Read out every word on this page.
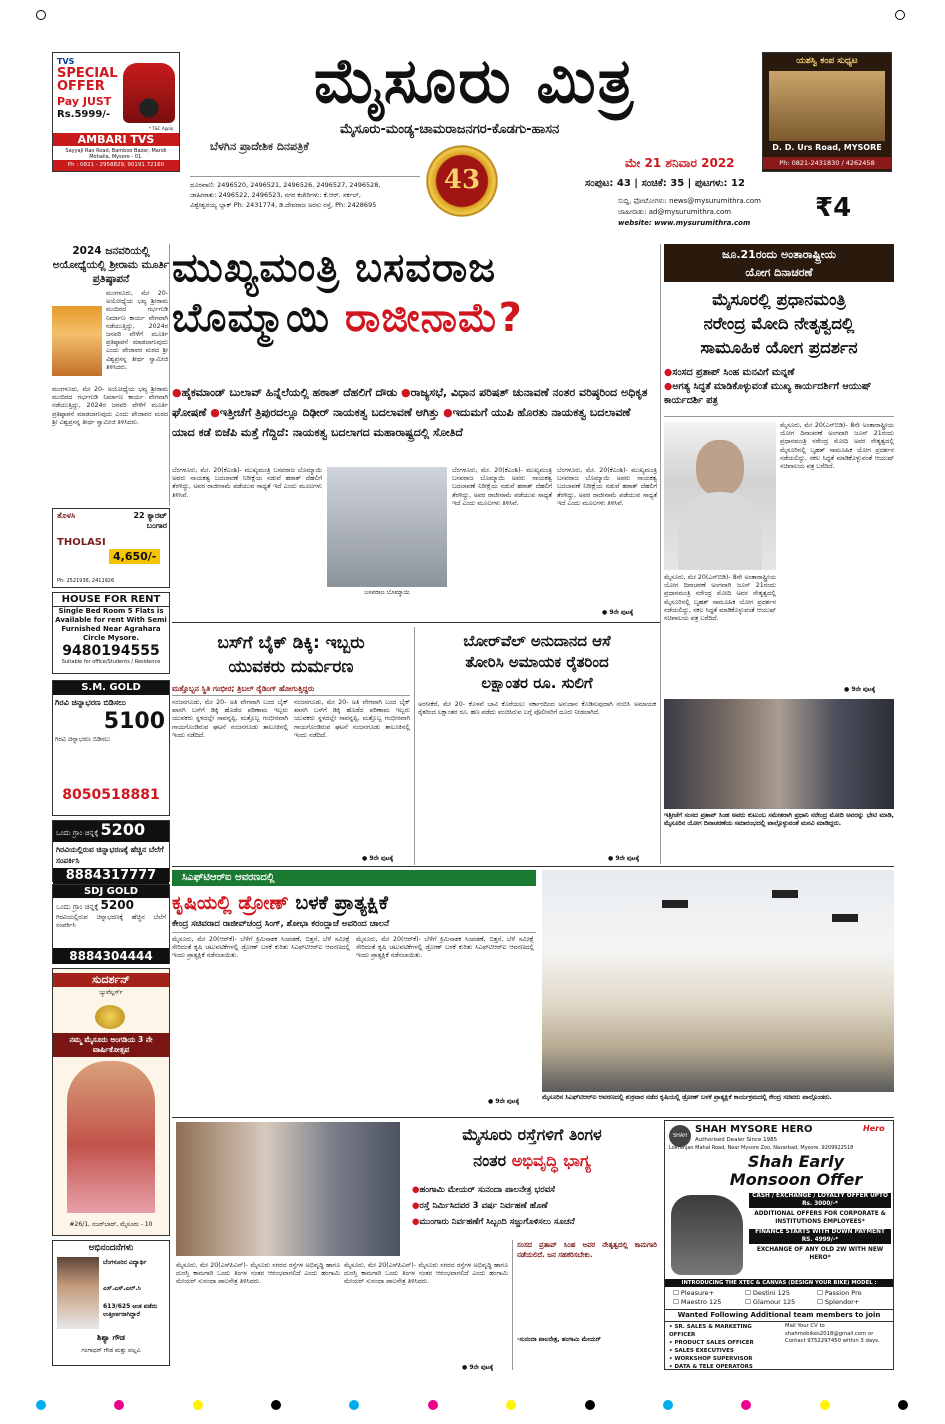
TVS
SPECIAL OFFER
Pay JUST
Rs.5999/-
* T&C Apply
AMBARI TVS
Sayyaji Rao Road, Bamboo Bazar, Mandi Mohalla, Mysore - 01.
Ph : 0821 - 2958829, 90191 72160
ಮೈಸೂರು ಮಿತ್ರ
ಮೈಸೂರು-ಮಂಡ್ಯ-ಚಾಮರಾಜನಗರ-ಕೊಡಗು-ಹಾಸನ
ಬೆಳಗಿನ ಪ್ರಾದೇಶಿಕ ದಿನಪತ್ರಿಕೆ
ಮೇ 21 ಶನಿವಾರ 2022
43	ಸಂಪುಟ: 43 | ಸಂಚಿಕೆ: 35 | ಪುಟಗಳು: 12
ದೂರವಾಣಿ: 2496520, 2496521, 2496526, 2496527, 2496528,
ಜಾಹೀರಾತು: 2496522, 2496523, ನಗರ ಕಚೇರಿಗಳು: ಕೆ.ಆರ್. ಸರ್ಕಲ್,
ವಿಶ್ವೇಶ್ವರಯ್ಯ ಬ್ಲಾಕ್ Ph: 2431774, ಡಿ.ದೇವರಾಜ ಅರಸು ರಸ್ತೆ, Ph: 2428695	ಸುದ್ದಿ, ಫೋಟೋಗಳು: news@mysurumithra.com
ಜಾಹೀರಾತು: ad@mysurumithra.com
website: www.mysurumithra.com	₹4
ಯಶಸ್ವಿ ಕಂಪ ಸುಧ್ಯಟ
D. D. Urs Road, MYSORE
Ph: 0821-2431830 / 4262458
2024 ಜನವರಿಯಲ್ಲಿ ಅಯೋಧ್ಯೆಯಲ್ಲಿ ಶ್ರೀರಾಮ ಮೂರ್ತಿ ಪ್ರತಿಷ್ಠಾಪನೆ
ಮಂಗಳೂರು, ಮೇ 20- ಅಯೋಧ್ಯೆಯ ಭವ್ಯ ಶ್ರೀರಾಮ ಮಂದಿರದ ಗರ್ಭಗುಡಿ ನಿರ್ಮಾಣ ಕಾರ್ಯ ವೇಗವಾಗಿ ನಡೆಯುತ್ತಿದ್ದು, 2024ರ ಜನವರಿ ವೇಳೆಗೆ ಮೂರ್ತಿ ಪ್ರತಿಷ್ಠಾಪನೆ ಮಾಡಲಾಗುವುದು ಎಂದು ಪೇಜಾವರ ಮಠದ ಶ್ರೀ ವಿಶ್ವಪ್ರಸನ್ನ ತೀರ್ಥ ಸ್ವಾಮೀಜಿ ತಿಳಿಸಿದರು.
ಮಂಗಳೂರು, ಮೇ 20- ಅಯೋಧ್ಯೆಯ ಭವ್ಯ ಶ್ರೀರಾಮ ಮಂದಿರದ ಗರ್ಭಗುಡಿ ನಿರ್ಮಾಣ ಕಾರ್ಯ ವೇಗವಾಗಿ ನಡೆಯುತ್ತಿದ್ದು, 2024ರ ಜನವರಿ ವೇಳೆಗೆ ಮೂರ್ತಿ ಪ್ರತಿಷ್ಠಾಪನೆ ಮಾಡಲಾಗುವುದು ಎಂದು ಪೇಜಾವರ ಮಠದ ಶ್ರೀ ವಿಶ್ವಪ್ರಸನ್ನ ತೀರ್ಥ ಸ್ವಾಮೀಜಿ ತಿಳಿಸಿದರು.
ಮುಖ್ಯಮಂತ್ರಿ ಬಸವರಾಜ
ಬೊಮ್ಮಾಯಿ ರಾಜೀನಾಮೆ?
● ಹೈಕಮಾಂಡ್ ಬುಲಾವ್ ಹಿನ್ನೆಲೆಯಲ್ಲಿ ಹಠಾತ್ ದೆಹಲಿಗೆ ದೌಡು ● ರಾಜ್ಯಸಭೆ, ವಿಧಾನ ಪರಿಷತ್ ಚುನಾವಣೆ ನಂತರ ವರಿಷ್ಠರಿಂದ ಅಧಿಕೃತ ಘೋಷಣೆ ● ಇತ್ತೀಚೆಗೆ ತ್ರಿಪುರದಲ್ಲೂ ದಿಢೀರ್ ನಾಯಕತ್ವ ಬದಲಾವಣೆ ಆಗಿತ್ತು ● ಇದುಮಗೆ ಯುಪಿ ಹೊರತು ನಾಯಕತ್ವ ಬದಲಾವಣೆ ಯಾದ ಕಡೆ ಬಿಜೆಪಿ ಮತ್ತೆ ಗೆದ್ದಿದೆ: ನಾಯಕತ್ವ ಬದಲಾಗದ ಮಹಾರಾಷ್ಟ್ರದಲ್ಲಿ ಸೋತಿದೆ
ಬೆಂಗಳೂರು, ಮೇ. 20(ಕೆಎಂಶಿ)- ಮುಖ್ಯಮಂತ್ರಿ ಬಸವರಾಜ ಬೊಮ್ಮಾಯಿ ಅವರು ನಾಯಕತ್ವ ಬದಲಾವಣೆ ನಿರೀಕ್ಷೆಯ ನಡುವೆ ಹಠಾತ್ ದೆಹಲಿಗೆ ತೆರಳಿದ್ದು, ಅವರ ರಾಜೀನಾಮೆ ಪಡೆಯುವ ಸಾಧ್ಯತೆ ಇದೆ ಎಂದು ಮೂಲಗಳು ತಿಳಿಸಿವೆ.
ಬಸವರಾಜ ಬೊಮ್ಮಾಯಿ
ಬೆಂಗಳೂರು, ಮೇ. 20(ಕೆಎಂಶಿ)- ಮುಖ್ಯಮಂತ್ರಿ ಬಸವರಾಜ ಬೊಮ್ಮಾಯಿ ಅವರು ನಾಯಕತ್ವ ಬದಲಾವಣೆ ನಿರೀಕ್ಷೆಯ ನಡುವೆ ಹಠಾತ್ ದೆಹಲಿಗೆ ತೆರಳಿದ್ದು, ಅವರ ರಾಜೀನಾಮೆ ಪಡೆಯುವ ಸಾಧ್ಯತೆ ಇದೆ ಎಂದು ಮೂಲಗಳು ತಿಳಿಸಿವೆ.
ಬೆಂಗಳೂರು, ಮೇ. 20(ಕೆಎಂಶಿ)- ಮುಖ್ಯಮಂತ್ರಿ ಬಸವರಾಜ ಬೊಮ್ಮಾಯಿ ಅವರು ನಾಯಕತ್ವ ಬದಲಾವಣೆ ನಿರೀಕ್ಷೆಯ ನಡುವೆ ಹಠಾತ್ ದೆಹಲಿಗೆ ತೆರಳಿದ್ದು, ಅವರ ರಾಜೀನಾಮೆ ಪಡೆಯುವ ಸಾಧ್ಯತೆ ಇದೆ ಎಂದು ಮೂಲಗಳು ತಿಳಿಸಿವೆ.
● 9ನೇ ಪುಟಕ್ಕೆ
ಜೂ.21ರಂದು ಅಂತಾರಾಷ್ಟ್ರೀಯ
ಯೋಗ ದಿನಾಚರಣೆ
ಮೈಸೂರಲ್ಲಿ ಪ್ರಧಾನಮಂತ್ರಿ
ನರೇಂದ್ರ ಮೋದಿ ನೇತೃತ್ವದಲ್ಲಿ
ಸಾಮೂಹಿಕ ಯೋಗ ಪ್ರದರ್ಶನ
● ಸಂಸದ ಪ್ರತಾಪ್ ಸಿಂಹ ಮನವಿಗೆ ಮನ್ನಣೆ
● ಅಗತ್ಯ ಸಿದ್ಧತೆ ಮಾಡಿಕೊಳ್ಳುವಂತೆ ಮುಖ್ಯ ಕಾರ್ಯದರ್ಶಿಗೆ ಆಯುಷ್ ಕಾರ್ಯದರ್ಶಿ ಪತ್ರ
ಮೈಸೂರು, ಮೇ 20(ಎಸ್‍ಬಿಡಿ)- 8ನೇ ಅಂತಾರಾಷ್ಟ್ರೀಯ ಯೋಗ ದಿನಾಚರಣೆ ಅಂಗವಾಗಿ ಜೂನ್ 21ರಂದು ಪ್ರಧಾನಮಂತ್ರಿ ನರೇಂದ್ರ ಮೋದಿ ಅವರ ನೇತೃತ್ವದಲ್ಲಿ ಮೈಸೂರಿನಲ್ಲಿ ಬೃಹತ್ ಸಾಮೂಹಿಕ ಯೋಗ ಪ್ರದರ್ಶನ ನಡೆಯಲಿದ್ದು, ಸಕಲ ಸಿದ್ಧತೆ ಮಾಡಿಕೊಳ್ಳುವಂತೆ ಆಯುಷ್ ಸಚಿವಾಲಯ ಪತ್ರ ಬರೆದಿದೆ.
ಮೈಸೂರು, ಮೇ 20(ಎಸ್‍ಬಿಡಿ)- 8ನೇ ಅಂತಾರಾಷ್ಟ್ರೀಯ ಯೋಗ ದಿನಾಚರಣೆ ಅಂಗವಾಗಿ ಜೂನ್ 21ರಂದು ಪ್ರಧಾನಮಂತ್ರಿ ನರೇಂದ್ರ ಮೋದಿ ಅವರ ನೇತೃತ್ವದಲ್ಲಿ ಮೈಸೂರಿನಲ್ಲಿ ಬೃಹತ್ ಸಾಮೂಹಿಕ ಯೋಗ ಪ್ರದರ್ಶನ ನಡೆಯಲಿದ್ದು, ಸಕಲ ಸಿದ್ಧತೆ ಮಾಡಿಕೊಳ್ಳುವಂತೆ ಆಯುಷ್ ಸಚಿವಾಲಯ ಪತ್ರ ಬರೆದಿದೆ.
● 9ನೇ ಪುಟಕ್ಕೆ
ಇತ್ತೀಚೆಗೆ ಸಂಸದ ಪ್ರತಾಪ್ ಸಿಂಹ ಅವರು ಕುಟುಂಬ ಸಮೇತರಾಗಿ ಪ್ರಧಾನಿ ನರೇಂದ್ರ ಮೋದಿ ಅವರನ್ನು ಭೇಟಿ ಮಾಡಿ, ಮೈಸೂರಿನ ಯೋಗ ದಿನಾಚರಣೆಯ ಸಮಾರಂಭದಲ್ಲಿ ಪಾಲ್ಗೊಳ್ಳುವಂತೆ ಮನವಿ ಮಾಡಿದ್ದರು.
ತೊಳಸಿ	22 ಕ್ಯಾರಟ್ ಬಂಗಾರ
THOLASI
4,650/-
Ph: 2521936, 2411926
HOUSE FOR RENT
Single Bed Room 5 Flats is
Available for rent With Semi
Furnished Near Agrahara
Circle Mysore.
9480194555
Suitable for office/Students / Residence
S.M. GOLD
ಗಿರವಿ ಚಿನ್ನಾಭರಣ ಬಿಡಿಸಲು
5100
ಗಿರವಿ ಚಿನ್ನಾಭರಣ ಬಿಡಿಸಲು
8050518881
ಒಂದು ಗ್ರಾಂ ಚಿನ್ನಕ್ಕೆ 5200
ಗಿರವಿಯಲ್ಲಿರುವ ಚಿನ್ನಾಭರಣಕ್ಕೆ ಹೆಚ್ಚಿನ ಬೆಲೆಗೆ ಸಂಪರ್ಕಿಸಿ
8884317777
SDJ GOLD
ಒಂದು ಗ್ರಾಂ ಚಿನ್ನಕ್ಕೆ 5200
ಗಿರವಿಯಲ್ಲಿರುವ ಚಿನ್ನಾಭರಣಕ್ಕೆ ಹೆಚ್ಚಿನ ಬೆಲೆಗೆ ಸಂಪರ್ಕಿಸಿ
8884304444
ಸುದರ್ಶನ್
ಜ್ಯುವೆಲ್ಲರ್ಸ್
ನಮ್ಮ ಮೈಸೂರು ಅಂಗಡಿಯ 3 ನೇ ವಾರ್ಷಿಕೋತ್ಸವ
#26/1, ನಜರ್‌ಬಾದ್, ಮೈಸೂರು - 10
ಅಭಿನಂದನೆಗಳು
ಬೆಂಗಳೂರಿನ ವಿದ್ಯಾರ್ಥಿ
ಎಸ್.ಎಸ್.ಎಲ್.ಸಿ
613/625 ಅಂಕ ಪಡೆದು ಉತ್ತೀರ್ಣರಾಗಿದ್ದಾರೆ
ಶಿಶ್ಯಾ ಗೌಡ
ಗಂಗಾಧರ್ ಗೌಡ ಮತ್ತು ಪಲ್ಲವಿ
ಬಸ್‍ಗೆ ಬೈಕ್ ಡಿಕ್ಕಿ: ಇಬ್ಬರು
ಯುವಕರು ದುರ್ಮರಣ
ಮತ್ತೊಬ್ಬನ ಸ್ಥಿತಿ ಗಂಭೀರ; ತ್ರಿಬಲ್ ರೈಡಿಂಗ್ ಹೋಗುತ್ತಿದ್ದರು
ನಂಜನಗೂಡು, ಮೇ 20- ಅತಿ ವೇಗವಾಗಿ ಬಂದ ಬೈಕ್ ಖಾಸಗಿ ಬಸ್‍ಗೆ ಡಿಕ್ಕಿ ಹೊಡೆದ ಪರಿಣಾಮ ಇಬ್ಬರು ಯುವಕರು ಸ್ಥಳದಲ್ಲೇ ಸಾವನ್ನಪ್ಪಿ, ಮತ್ತೊಬ್ಬ ಗಂಭೀರವಾಗಿ ಗಾಯಗೊಂಡಿರುವ ಘಟನೆ ನಂಜನಗೂಡು ತಾಲೂಕಿನಲ್ಲಿ ಇಂದು ನಡೆದಿದೆ.
ನಂಜನಗೂಡು, ಮೇ 20- ಅತಿ ವೇಗವಾಗಿ ಬಂದ ಬೈಕ್ ಖಾಸಗಿ ಬಸ್‍ಗೆ ಡಿಕ್ಕಿ ಹೊಡೆದ ಪರಿಣಾಮ ಇಬ್ಬರು ಯುವಕರು ಸ್ಥಳದಲ್ಲೇ ಸಾವನ್ನಪ್ಪಿ, ಮತ್ತೊಬ್ಬ ಗಂಭೀರವಾಗಿ ಗಾಯಗೊಂಡಿರುವ ಘಟನೆ ನಂಜನಗೂಡು ತಾಲೂಕಿನಲ್ಲಿ ಇಂದು ನಡೆದಿದೆ.
● 9ನೇ ಪುಟಕ್ಕೆ
ಬೋರ್‌ವೆಲ್ ಅನುದಾನದ ಆಸೆ
ತೋರಿಸಿ ಅಮಾಯಕ ರೈತರಿಂದ
ಲಕ್ಷಾಂತರ ರೂ. ಸುಲಿಗೆ
ಅರಸೀಕೆರೆ, ಮೇ 20- ಕೊಳವೆ ಬಾವಿ ಕೊರೆಯಲು ಸರ್ಕಾರದಿಂದ ಅನುದಾನ ಕೊಡಿಸುವುದಾಗಿ ನಂಬಿಸಿ ಅಮಾಯಕ ರೈತರಿಂದ ಲಕ್ಷಾಂತರ ರೂ. ಹಣ ಪಡೆದು ವಂಚಿಸಿರುವ ಬಗ್ಗೆ ಪೊಲೀಸರಿಗೆ ದೂರು ನೀಡಲಾಗಿದೆ.
● 9ನೇ ಪುಟಕ್ಕೆ
ಸಿಎಫ್‌ಟಿಆರ್‌ಐ ಆವರಣದಲ್ಲಿ
ಕೃಷಿಯಲ್ಲಿ ಡ್ರೋಣ್ ಬಳಕೆ ಪ್ರಾತ್ಯಕ್ಷಿಕೆ
ಕೇಂದ್ರ ಸಚಿವರಾದ ರಾಜೀವ್‍ಚಂದ್ರ ಸಿಂಗ್, ಶೋಭಾ ಕರಂದ್ಲಾಜೆ ಅವರಿಂದ ಚಾಲನೆ
ಮೈಸೂರು, ಮೇ 20(ಆರ್‌ಕೆ)- ಬೆಳೆಗೆ ಕ್ರಿಮಿನಾಶಕ ಸಿಂಪಡಣೆ, ಬಿತ್ತನೆ, ಬೆಳೆ ಸಮೀಕ್ಷೆ ಸೇರಿದಂತೆ ಕೃಷಿ ಚಟುವಟಿಕೆಗಳಲ್ಲಿ ಡ್ರೋಣ್ ಬಳಕೆ ಕುರಿತು ಸಿಎಫ್‌ಟಿಆರ್‌ಐ ಆವರಣದಲ್ಲಿ ಇಂದು ಪ್ರಾತ್ಯಕ್ಷಿಕೆ ನಡೆಸಲಾಯಿತು.
ಮೈಸೂರು, ಮೇ 20(ಆರ್‌ಕೆ)- ಬೆಳೆಗೆ ಕ್ರಿಮಿನಾಶಕ ಸಿಂಪಡಣೆ, ಬಿತ್ತನೆ, ಬೆಳೆ ಸಮೀಕ್ಷೆ ಸೇರಿದಂತೆ ಕೃಷಿ ಚಟುವಟಿಕೆಗಳಲ್ಲಿ ಡ್ರೋಣ್ ಬಳಕೆ ಕುರಿತು ಸಿಎಫ್‌ಟಿಆರ್‌ಐ ಆವರಣದಲ್ಲಿ ಇಂದು ಪ್ರಾತ್ಯಕ್ಷಿಕೆ ನಡೆಸಲಾಯಿತು.
● 9ನೇ ಪುಟಕ್ಕೆ
ಮೈಸೂರಿನ ಸಿಎಫ್‌ಟಿಆರ್‌ಐ ಆವರಣದಲ್ಲಿ ಶುಕ್ರವಾರ ನಡೆದ ಕೃಷಿಯಲ್ಲಿ ಡ್ರೋಣ್ ಬಳಕೆ ಪ್ರಾತ್ಯಕ್ಷಿಕೆ ಕಾರ್ಯಕ್ರಮದಲ್ಲಿ ಕೇಂದ್ರ ಸಚಿವರು ಪಾಲ್ಗೊಂಡರು.
ಮೈಸೂರು ರಸ್ತೆಗಳಿಗೆ ತಿಂಗಳ
ನಂತರ ಅಭಿವೃದ್ಧಿ ಭಾಗ್ಯ
● ಹಂಗಾಮಿ ಮೇಯರ್ ಸುನಂದಾ ಪಾಲನೇತ್ರ ಭರವಸೆ
● ರಸ್ತೆ ನಿರ್ಮಿಸಿದವರ 3 ವರ್ಷ ನಿರ್ವಹಣೆ ಹೊಣೆ
● ಮುಂಗಾರು ನಿರ್ವಹಣೆಗೆ ಸಿಬ್ಬಂದಿ ಸಜ್ಜುಗೊಳಿಸಲು ಸೂಚನೆ
ಮೈಸೂರು, ಮೇ 20(ಎಸ್‍ಪಿಎನ್)- ಮೈಸೂರು ನಗರದ ರಸ್ತೆಗಳ ಅಭಿವೃದ್ಧಿ ಹಾಗೂ ದುರಸ್ತಿ ಕಾಮಗಾರಿ ಒಂದು ತಿಂಗಳ ನಂತರ ಆರಂಭವಾಗಲಿದೆ ಎಂದು ಹಂಗಾಮಿ ಮೇಯರ್ ಸುನಂದಾ ಪಾಲನೇತ್ರ ತಿಳಿಸಿದರು.
ಮೈಸೂರು, ಮೇ 20(ಎಸ್‍ಪಿಎನ್)- ಮೈಸೂರು ನಗರದ ರಸ್ತೆಗಳ ಅಭಿವೃದ್ಧಿ ಹಾಗೂ ದುರಸ್ತಿ ಕಾಮಗಾರಿ ಒಂದು ತಿಂಗಳ ನಂತರ ಆರಂಭವಾಗಲಿದೆ ಎಂದು ಹಂಗಾಮಿ ಮೇಯರ್ ಸುನಂದಾ ಪಾಲನೇತ್ರ ತಿಳಿಸಿದರು.
● 9ನೇ ಪುಟಕ್ಕೆ
ಸಂಸದ ಪ್ರತಾಪ್ ಸಿಂಹ ಅವರ ನೇತೃತ್ವದಲ್ಲಿ ಕಾಮಗಾರಿ ನಡೆಯಲಿದೆ. ಜನ ಸಹಕರಿಸಬೇಕು.
-ಸುನಂದಾ ಪಾಲನೇತ್ರ, ಹಂಗಾಮಿ ಮೇಯರ್
SHAH
SHAH MYSORE HERO	Hero
Authorised Dealer Since 1985
Lokranjan Mahal Road, Near Mysore Zoo, Nazarbad, Mysore. 9209922518
Shah Early
Monsoon Offer
CASH / EXCHANGE / LOYALTY OFFER UPTO Rs. 3000/-*
ADDITIONAL OFFERS FOR CORPORATE & INSTITUTIONS EMPLOYEES*
FINANCE STARTS WITH DOWN PAYMENT RS. 4999/-*
EXCHANGE OF ANY OLD 2W WITH NEW HERO*
INTRODUCING THE XTEC & CANVAS (DESIGN YOUR BIKE) MODEL :
☐ Pleasure+	☐ Destini 125	☐ Passion Pro
☐ Maestro 125	☐ Glamour 125	☐ Splendor+
Wanted Following Additional team members to join
• SR. SALES & MARKETING OFFICER
• PRODUCT SALES OFFICER
• SALES EXECUTIVES
• WORKSHOP SUPERVISOR
• DATA & TELE OPERATORS
Mail Your CV to shahmobikes2018@gmail.com or Contact 9752297450 within 3 days.
